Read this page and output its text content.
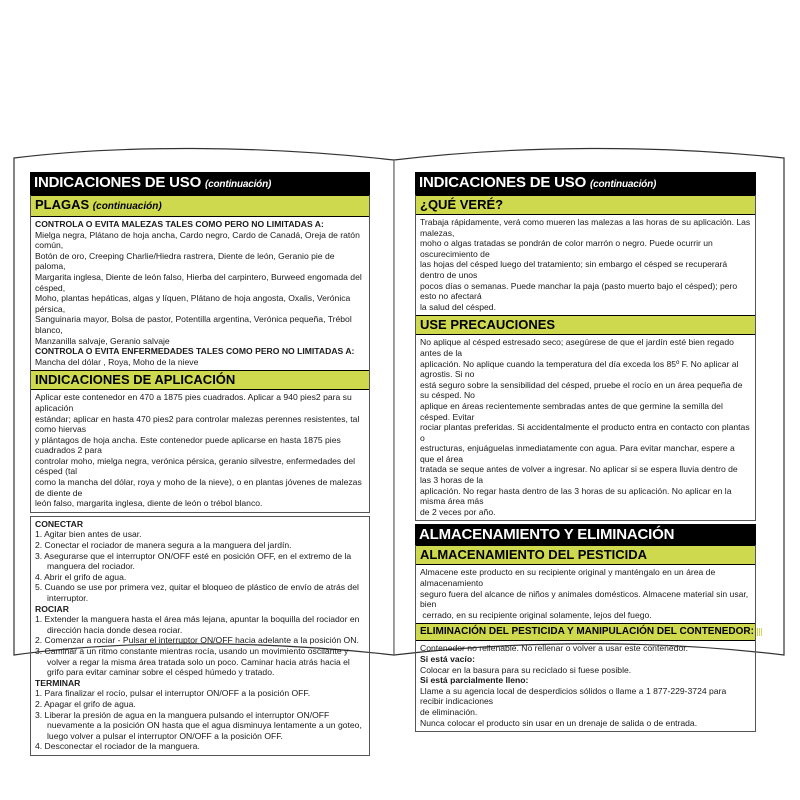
INDICACIONES DE USO (continuación)
PLAGAS (continuación)
CONTROLA O EVITA MALEZAS TALES COMO PERO NO LIMITADAS A:
Mielga negra, Plátano de hoja ancha, Cardo negro, Cardo de Canadá, Oreja de ratón común,
Botón de oro, Creeping Charlie/Hiedra rastrera, Diente de león, Geranio pie de paloma,
Margarita inglesa, Diente de león falso, Hierba del carpintero, Burweed engomada del césped,
Moho, plantas hepáticas, algas y líquen, Plátano de hoja angosta, Oxalis, Verónica pérsica,
Sanguinaria mayor, Bolsa de pastor, Potentilla argentina, Verónica pequeña, Trébol blanco,
Manzanilla salvaje, Geranio salvaje
CONTROLA O EVITA ENFERMEDADES TALES COMO PERO NO LIMITADAS A:
Mancha del dólar , Roya, Moho de la nieve
INDICACIONES DE APLICACIÓN
Aplicar este contenedor en 470 a 1875 pies cuadrados. Aplicar a 940 pies2 para su aplicación
estándar; aplicar en hasta 470 pies2 para controlar malezas perennes resistentes, tal como hiervas
y plántagos de hoja ancha. Este contenedor puede aplicarse en hasta 1875 pies cuadrados 2 para
controlar moho, mielga negra, verónica pérsica, geranio silvestre, enfermedades del césped (tal
como la mancha del dólar, roya y moho de la nieve), o en plantas jóvenes de malezas de diente de
león falso, margarita inglesa, diente de león o trébol blanco.
CONECTAR
1. Agitar bien antes de usar.
2. Conectar el rociador de manera segura a la manguera del jardín.
3. Asegurarse que el interruptor ON/OFF esté en posición OFF, en el extremo de la manguera del rociador.
4. Abrir el grifo de agua.
5. Cuando se use por primera vez, quitar el bloqueo de plástico de envío de atrás del interruptor.
ROCIAR
1. Extender la manguera hasta el área más lejana, apuntar la boquilla del rociador en dirección hacia donde desea rociar.
2. Comenzar a rociar - Pulsar el interruptor ON/OFF hacia adelante a la posición ON.
3. Caminar a un ritmo constante mientras rocía, usando un movimiento oscilante y volver a regar la misma área tratada solo un poco. Caminar hacia atrás hacia el grifo para evitar caminar sobre el césped húmedo y tratado.
TERMINAR
1. Para finalizar el rocío, pulsar el interruptor ON/OFF a la posición OFF.
2. Apagar el grifo de agua.
3. Liberar la presión de agua en la manguera pulsando el interruptor ON/OFF nuevamente a la posición ON hasta que el agua disminuya lentamente a un goteo, luego volver a pulsar el interruptor ON/OFF a la posición OFF.
4. Desconectar el rociador de la manguera.
INDICACIONES DE USO (continuación)
¿QUÉ VERÉ?
Trabaja rápidamente, verá como mueren las malezas a las horas de su aplicación. Las malezas,
moho o algas tratadas se pondrán de color marrón o negro. Puede ocurrir un oscurecimiento de
las hojas del césped luego del tratamiento; sin embargo el césped se recuperará dentro de unos
pocos días o semanas. Puede manchar la paja (pasto muerto bajo el césped); pero esto no afectará
la salud del césped.
USE PRECAUCIONES
No aplique al césped estresado seco; asegúrese de que el jardín esté bien regado antes de la
aplicación. No aplique cuando la temperatura del día exceda los 85º F. No aplicar al agrostis. Si no
está seguro sobre la sensibilidad del césped, pruebe el rocío en un área pequeña de su césped. No
aplique en áreas recientemente sembradas antes de que germine la semilla del césped. Evitar
rociar plantas preferidas. Si accidentalmente el producto entra en contacto con plantas o
estructuras, enjuáguelas inmediatamente con agua. Para evitar manchar, espere a que el área
tratada se seque antes de volver a ingresar. No aplicar si se espera lluvia dentro de las 3 horas de la
aplicación. No regar hasta dentro de las 3 horas de su aplicación. No aplicar en la misma área más
de 2 veces por año.
ALMACENAMIENTO Y ELIMINACIÓN
ALMACENAMIENTO DEL PESTICIDA
Almacene este producto en su recipiente original y manténgalo en un área de almacenamiento
seguro fuera del alcance de niños y animales domésticos. Almacene material sin usar, bien
cerrado, en su recipiente original solamente, lejos del fuego.
ELIMINACIÓN DEL PESTICIDA Y MANIPULACIÓN DEL CONTENEDOR:
Contenedor no rellenable. No rellenar o volver a usar este contenedor.
Si está vacío:
Colocar en la basura para su reciclado si fuese posible.
Si está parcialmente lleno:
Llame a su agencia local de desperdicios sólidos o llame a 1 877-229-3724 para recibir indicaciones
de eliminación.
Nunca colocar el producto sin usar en un drenaje de salida o de entrada.
